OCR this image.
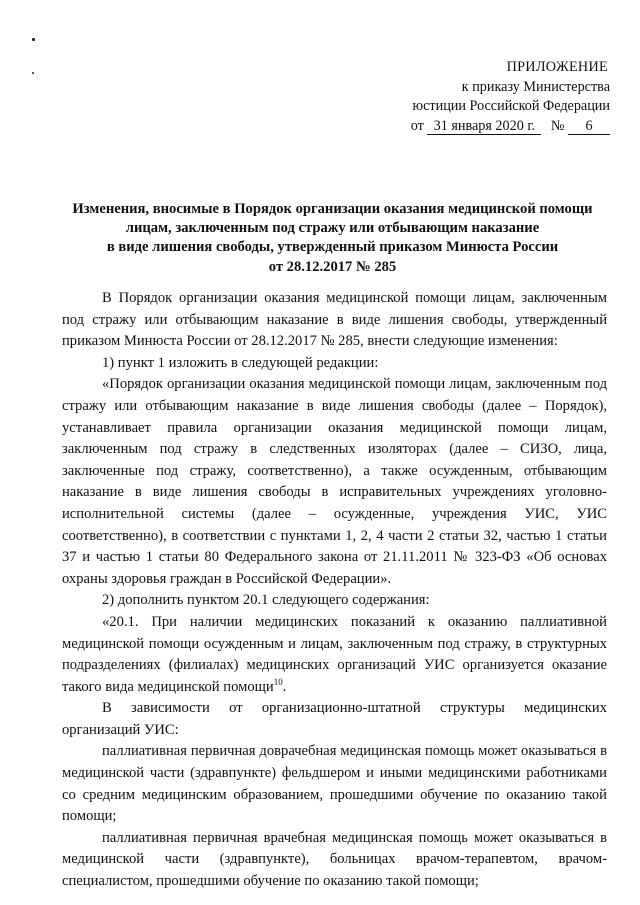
ПРИЛОЖЕНИЕ
к приказу Министерства
юстиции Российской Федерации
от 31 января 2020 г. № 6
Изменения, вносимые в Порядок организации оказания медицинской помощи
лицам, заключенным под стражу или отбывающим наказание
в виде лишения свободы, утвержденный приказом Минюста России
от 28.12.2017 № 285

В Порядок организации оказания медицинской помощи лицам, заключенным под стражу или отбывающим наказание в виде лишения свободы, утвержденный приказом Минюста России от 28.12.2017 № 285, внести следующие изменения:

1) пункт 1 изложить в следующей редакции:

«Порядок организации оказания медицинской помощи лицам, заключенным под стражу или отбывающим наказание в виде лишения свободы (далее – Порядок), устанавливает правила организации оказания медицинской помощи лицам, заключенным под стражу в следственных изоляторах (далее – СИЗО, лица, заключенные под стражу, соответственно), а также осужденным, отбывающим наказание в виде лишения свободы в исправительных учреждениях уголовно-исполнительной системы (далее – осужденные, учреждения УИС, УИС соответственно), в соответствии с пунктами 1, 2, 4 части 2 статьи 32, частью 1 статьи 37 и частью 1 статьи 80 Федерального закона от 21.11.2011 № 323-ФЗ «Об основах охраны здоровья граждан в Российской Федерации».

2) дополнить пунктом 20.1 следующего содержания:

«20.1. При наличии медицинских показаний к оказанию паллиативной медицинской помощи осужденным и лицам, заключенным под стражу, в структурных подразделениях (филиалах) медицинских организаций УИС организуется оказание такого вида медицинской помощи$^{10}$.

В зависимости от организационно-штатной структуры медицинских организаций УИС:

паллиативная первичная доврачебная медицинская помощь может оказываться в медицинской части (здравпункте) фельдшером и иными медицинскими работниками со средним медицинским образованием, прошедшими обучение по оказанию такой помощи;

паллиативная первичная врачебная медицинская помощь может оказываться в медицинской части (здравпункте), больницах врачом-терапевтом, врачом-специалистом, прошедшими обучение по оказанию такой помощи;
